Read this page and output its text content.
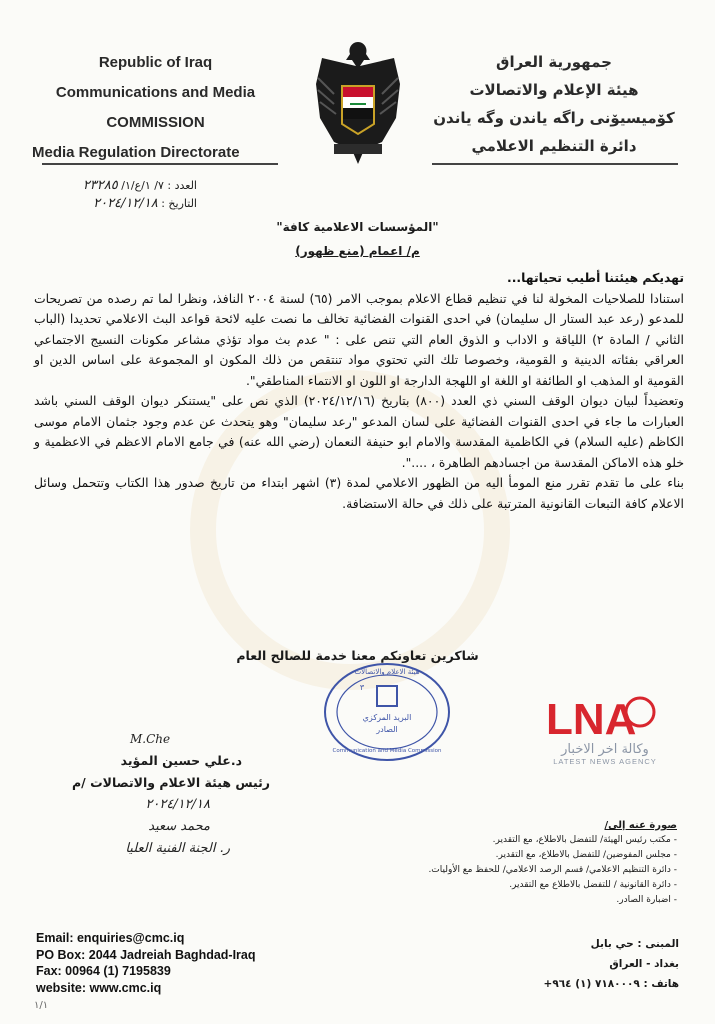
Republic of Iraq
Communications and Media
COMMISSION
Media Regulation Directorate
جمهورية العراق
هيئة الإعلام والاتصالات
كۆمیسیۆنی راگه یاندن وگه یاندن
دائرة التنظيم الاعلامي
العدد : ٧/ ١/ع/١/ ٢٣٢٨٥
التاريخ : ٢٠٢٤/١٢/١٨
"المؤسسات الاعلامية كافة"
م/ اعمام (منع ظهور)

تهديكم هيئتنا أطيب تحياتها...

استنادا للصلاحيات المخولة لنا في تنظيم قطاع الاعلام بموجب الامر (٦٥) لسنة ٢٠٠٤ النافذ، ونظرا لما تم رصده من تصريحات للمدعو (رعد عبد الستار ال سليمان) في احدى القنوات الفضائية تخالف ما نصت عليه لائحة قواعد البث الاعلامي تحديدا (الباب الثاني / المادة ٢) اللياقة و الاداب و الذوق العام التي تنص على : " عدم بث مواد تؤذي مشاعر مكونات النسيج الاجتماعي العراقي بفئاته الدينية و القومية، وخصوصا تلك التي تحتوي مواد تنتقص من ذلك المكون او المجموعة على اساس الدين او القومية او المذهب او الطائفة او اللغة او اللهجة الدارجة او اللون او الانتماء المناطقي".

وتعضيداً لبيان ديوان الوقف السني ذي العدد (٨٠٠) بتاريخ (٢٠٢٤/١٢/١٦) الذي نص على "يستنكر ديوان الوقف السني باشد العبارات ما جاء في احدى القنوات الفضائية على لسان المدعو "رعد سليمان" وهو يتحدث عن عدم وجود جثمان الامام موسى الكاظم (عليه السلام) في الكاظمية المقدسة والامام ابو حنيفة النعمان (رضي الله عنه) في جامع الامام الاعظم في الاعظمية و خلو هذه الاماكن المقدسة من اجسادهم الطاهرة ، ....".

بناء على ما تقدم تقرر منع المومأ اليه من الظهور الاعلامي لمدة (٣) اشهر ابتداء من تاريخ صدور هذا الكتاب وتتحمل وسائل الاعلام كافة التبعات القانونية المترتبة على ذلك في حالة الاستضافة.

شاكرين تعاونكم معنا خدمة للصالح العام
هيئة الاعلام والاتصالات
٣
البريد المركزي
الصادر
Communication and Media Commission
LNA
وكالة اخر الاخبار
LATEST NEWS AGENCY
M.Che
د.علي حسين المؤيد
رئيس هيئة الاعلام والاتصالات /م
٢٠٢٤/١٢/١٨
محمد سعيد
ر. الجنة الفنية العليا
صورة عنه إلى/
- مكتب رئيس الهيئة/ للتفضل بالاطلاع، مع التقدير.
- مجلس المفوضين/ للتفضل بالاطلاع، مع التقدير.
- دائرة التنظيم الاعلامي/ قسم الرصد الاعلامي/ للحفظ مع الأوليات.
- دائرة القانونية / للتفضل بالاطلاع مع التقدير.
- اضبارة الصادر.
Email: enquiries@cmc.iq
PO Box: 2044 Jadreiah Baghdad-Iraq
Fax: 00964 (1) 7195839
website: www.cmc.iq
المبنى : حي بابل
بغداد - العراق
هاتف : ٧١٨٠٠٠٩ (١) ٩٦٤+
١/١
